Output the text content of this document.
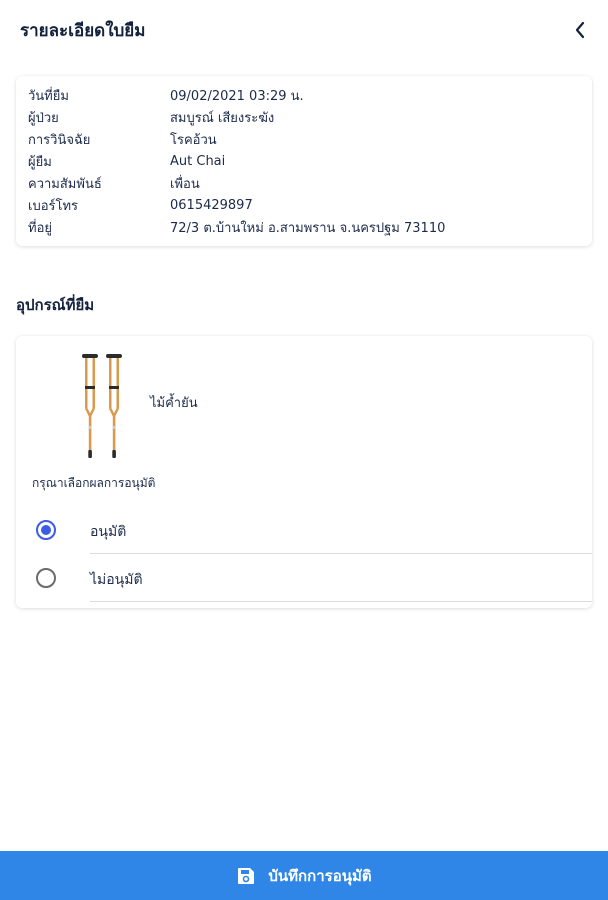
รายละเอียดใบยืม
วันที่ยืม	09/02/2021 03:29 น.
ผู้ป่วย	สมบูรณ์ เสียงระฆัง
การวินิจฉัย	โรคอ้วน
ผู้ยืม	Aut Chai
ความสัมพันธ์	เพื่อน
เบอร์โทร	0615429897
ที่อยู่	72/3 ต.บ้านใหม่ อ.สามพราน จ.นครปฐม 73110
อุปกรณ์ที่ยืม
ไม้ค้ำยัน
กรุณาเลือกผลการอนุมัติ
อนุมัติ
ไม่อนุมัติ
บันทึกการอนุมัติ
